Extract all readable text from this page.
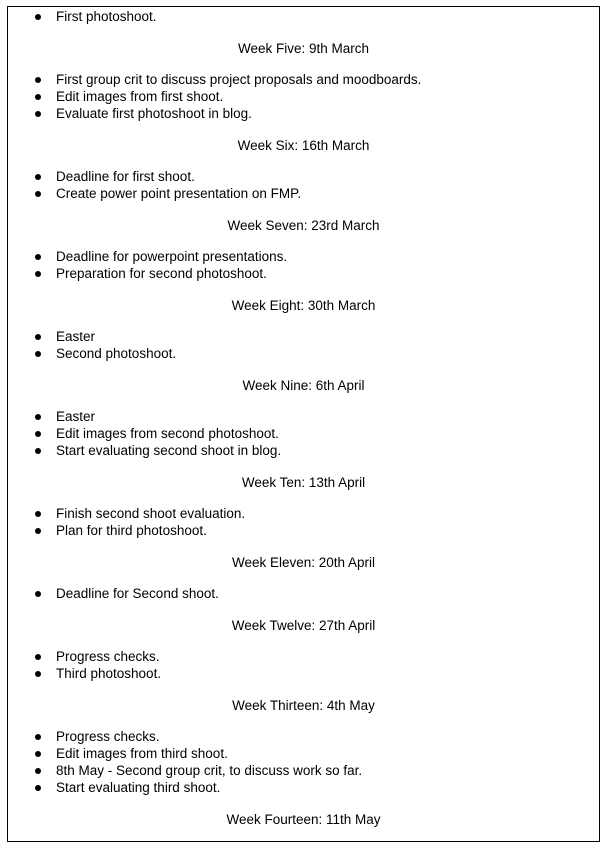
First photoshoot.
Week Five: 9th March
First group crit to discuss project proposals and moodboards.
Edit images from first shoot.
Evaluate first photoshoot in blog.
Week Six: 16th March
Deadline for first shoot.
Create power point presentation on FMP.
Week Seven: 23rd March
Deadline for powerpoint presentations.
Preparation for second photoshoot.
Week Eight: 30th March
Easter
Second photoshoot.
Week Nine: 6th April
Easter
Edit images from second photoshoot.
Start evaluating second shoot in blog.
Week Ten: 13th April
Finish second shoot evaluation.
Plan for third photoshoot.
Week Eleven: 20th April
Deadline for Second shoot.
Week Twelve: 27th April
Progress checks.
Third photoshoot.
Week Thirteen: 4th May
Progress checks.
Edit images from third shoot.
8th May - Second group crit, to discuss work so far.
Start evaluating third shoot.
Week Fourteen: 11th May
